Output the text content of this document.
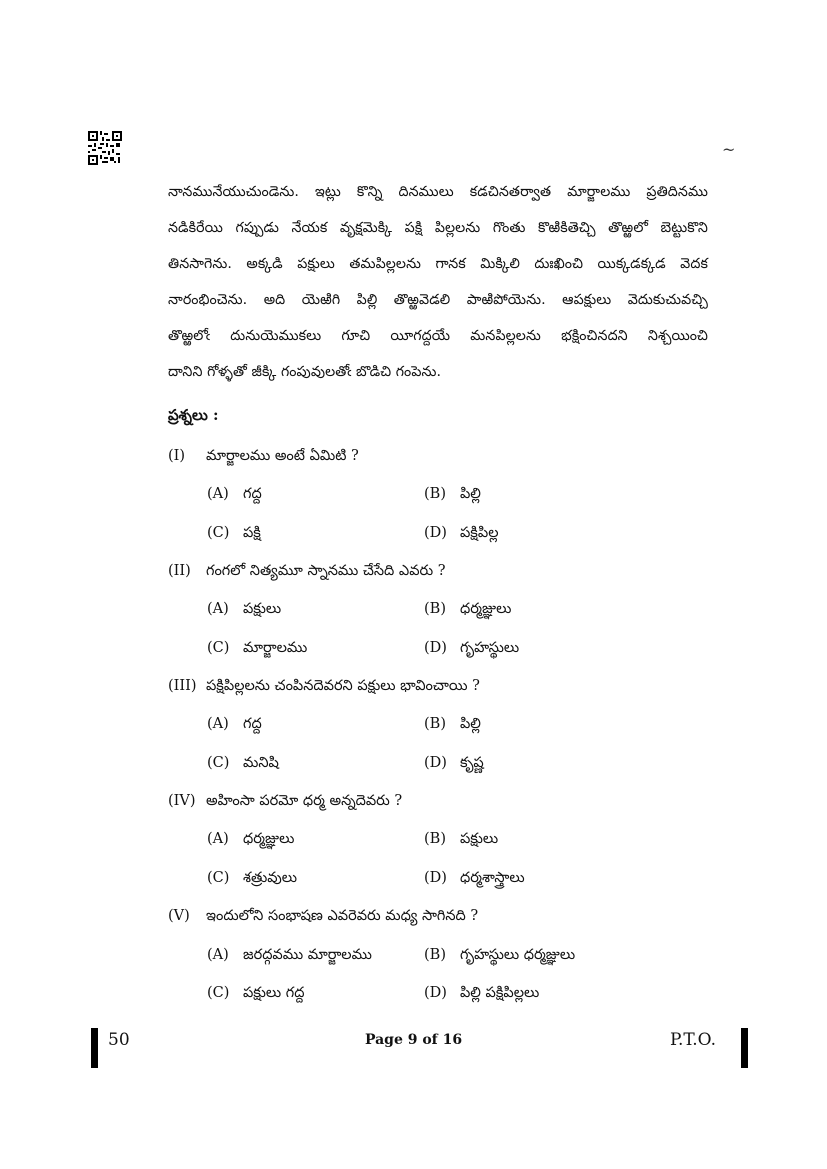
~
నానమునేయుచుండెను. ఇట్లు కొన్ని దినములు కడచినతర్వాత మార్జాలము ప్రతిదినము
నడికిరేయి గప్పుడు నేయక వృక్షమెక్కి పక్షి పిల్లలను గొంతు కొఱికితెచ్చి తొఱ్ఱలో బెట్టుకొని
తినసాగెను. అక్కడి పక్షులు తమపిల్లలను గానక మిక్కిలి దుఃఖించి యిక్కడక్కడ వెదక
నారంభించెను. అది యెఱిగి పిల్లి తొఱ్ఱవెడలి పాఱిపోయెను. ఆపక్షులు వెదుకుచువచ్చి
తొఱ్ఱలోఁ దునుయెముకలు గూచి యీగద్దయే మనపిల్లలను భక్షించినదని నిశ్చయించి
దానిని గోళ్ళతో జీక్కి గంపువులతోఁ బొడిచి గంపెను.
ప్రశ్నలు :
(I) మార్జాలము అంటే ఏమిటి ?
(A) గద్ద	(B) పిల్లి
(C) పక్షి	(D) పక్షిపిల్ల
(II) గంగలో నిత్యమూ స్నానము చేసేది ఎవరు ?
(A) పక్షులు	(B) ధర్మజ్ఞులు
(C) మార్జాలము	(D) గృహస్థులు
(III) పక్షిపిల్లలను చంపినదెవరని పక్షులు భావించాయి ?
(A) గద్ద	(B) పిల్లి
(C) మనిషి	(D) కృష్ణ
(IV) అహింసా పరమో ధర్మ అన్నదెవరు ?
(A) ధర్మజ్ఞులు	(B) పక్షులు
(C) శత్రువులు	(D) ధర్మశాస్త్రాలు
(V) ఇందులోని సంభాషణ ఎవరెవరు మధ్య సాగినది ?
(A) జరద్గవము మార్జాలము	(B) గృహస్థులు ధర్మజ్ఞులు
(C) పక్షులు గద్ద	(D) పిల్లి పక్షిపిల్లలు
50	Page 9 of 16	P.T.O.
